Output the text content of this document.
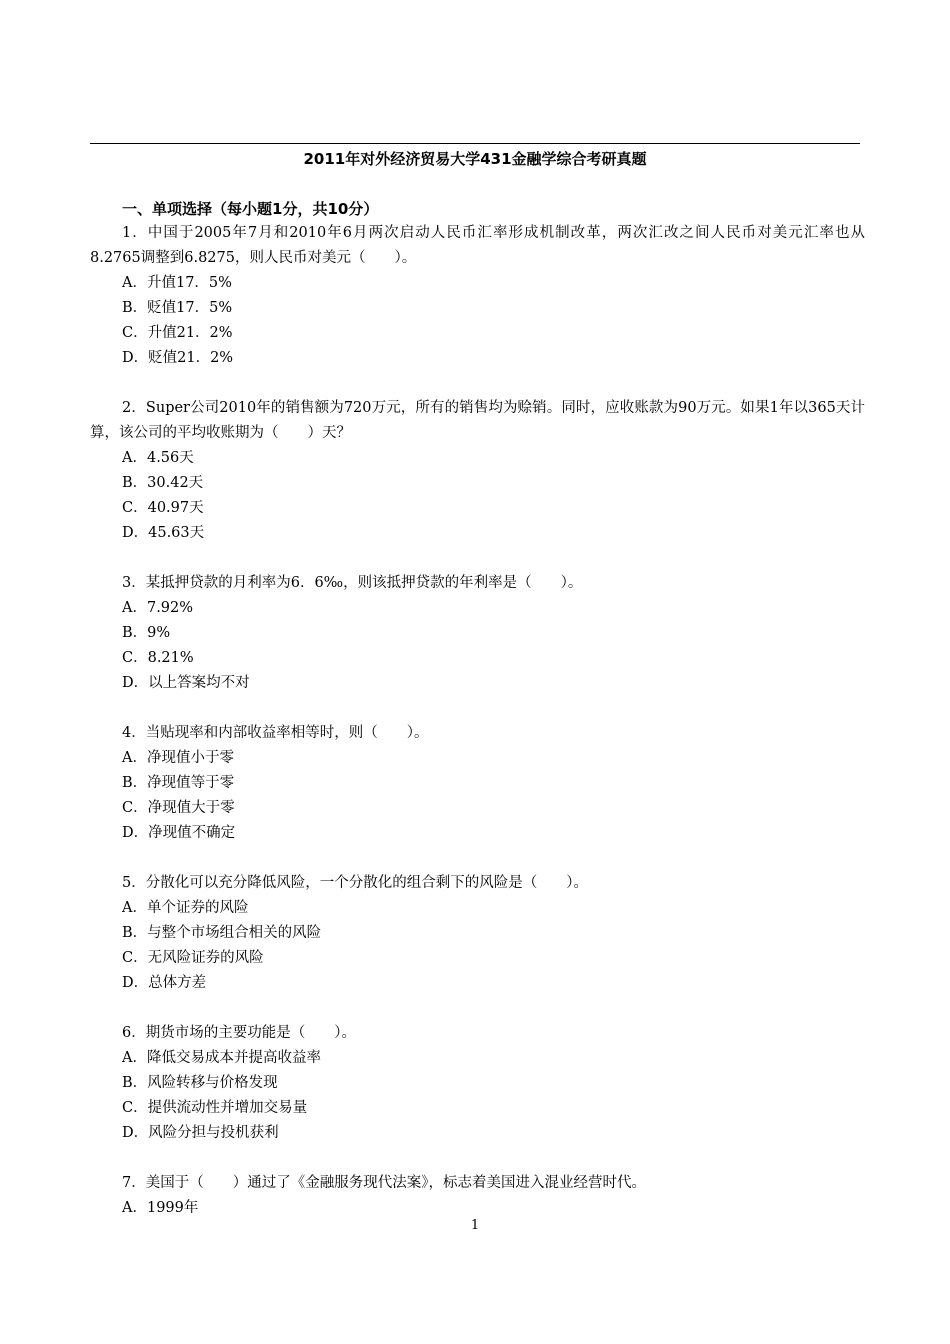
2011年对外经济贸易大学431金融学综合考研真题
一、单项选择（每小题1分，共10分）
1．中国于2005年7月和2010年6月两次启动人民币汇率形成机制改革，两次汇改之间人民币对美元汇率也从8.2765调整到6.8275，则人民币对美元（　　）。
A．升值17．5%
B．贬值17．5%
C．升值21．2%
D．贬值21．2%
2．Super公司2010年的销售额为720万元，所有的销售均为赊销。同时，应收账款为90万元。如果1年以365天计算，该公司的平均收账期为（　　）天？
A．4.56天
B．30.42天
C．40.97天
D．45.63天
3．某抵押贷款的月利率为6．6‰，则该抵押贷款的年利率是（　　）。
A．7.92%
B．9%
C．8.21%
D．以上答案均不对
4．当贴现率和内部收益率相等时，则（　　）。
A．净现值小于零
B．净现值等于零
C．净现值大于零
D．净现值不确定
5．分散化可以充分降低风险，一个分散化的组合剩下的风险是（　　）。
A．单个证券的风险
B．与整个市场组合相关的风险
C．无风险证券的风险
D．总体方差
6．期货市场的主要功能是（　　）。
A．降低交易成本并提高收益率
B．风险转移与价格发现
C．提供流动性并增加交易量
D．风险分担与投机获利
7．美国于（　　）通过了《金融服务现代法案》，标志着美国进入混业经营时代。
A．1999年
1
